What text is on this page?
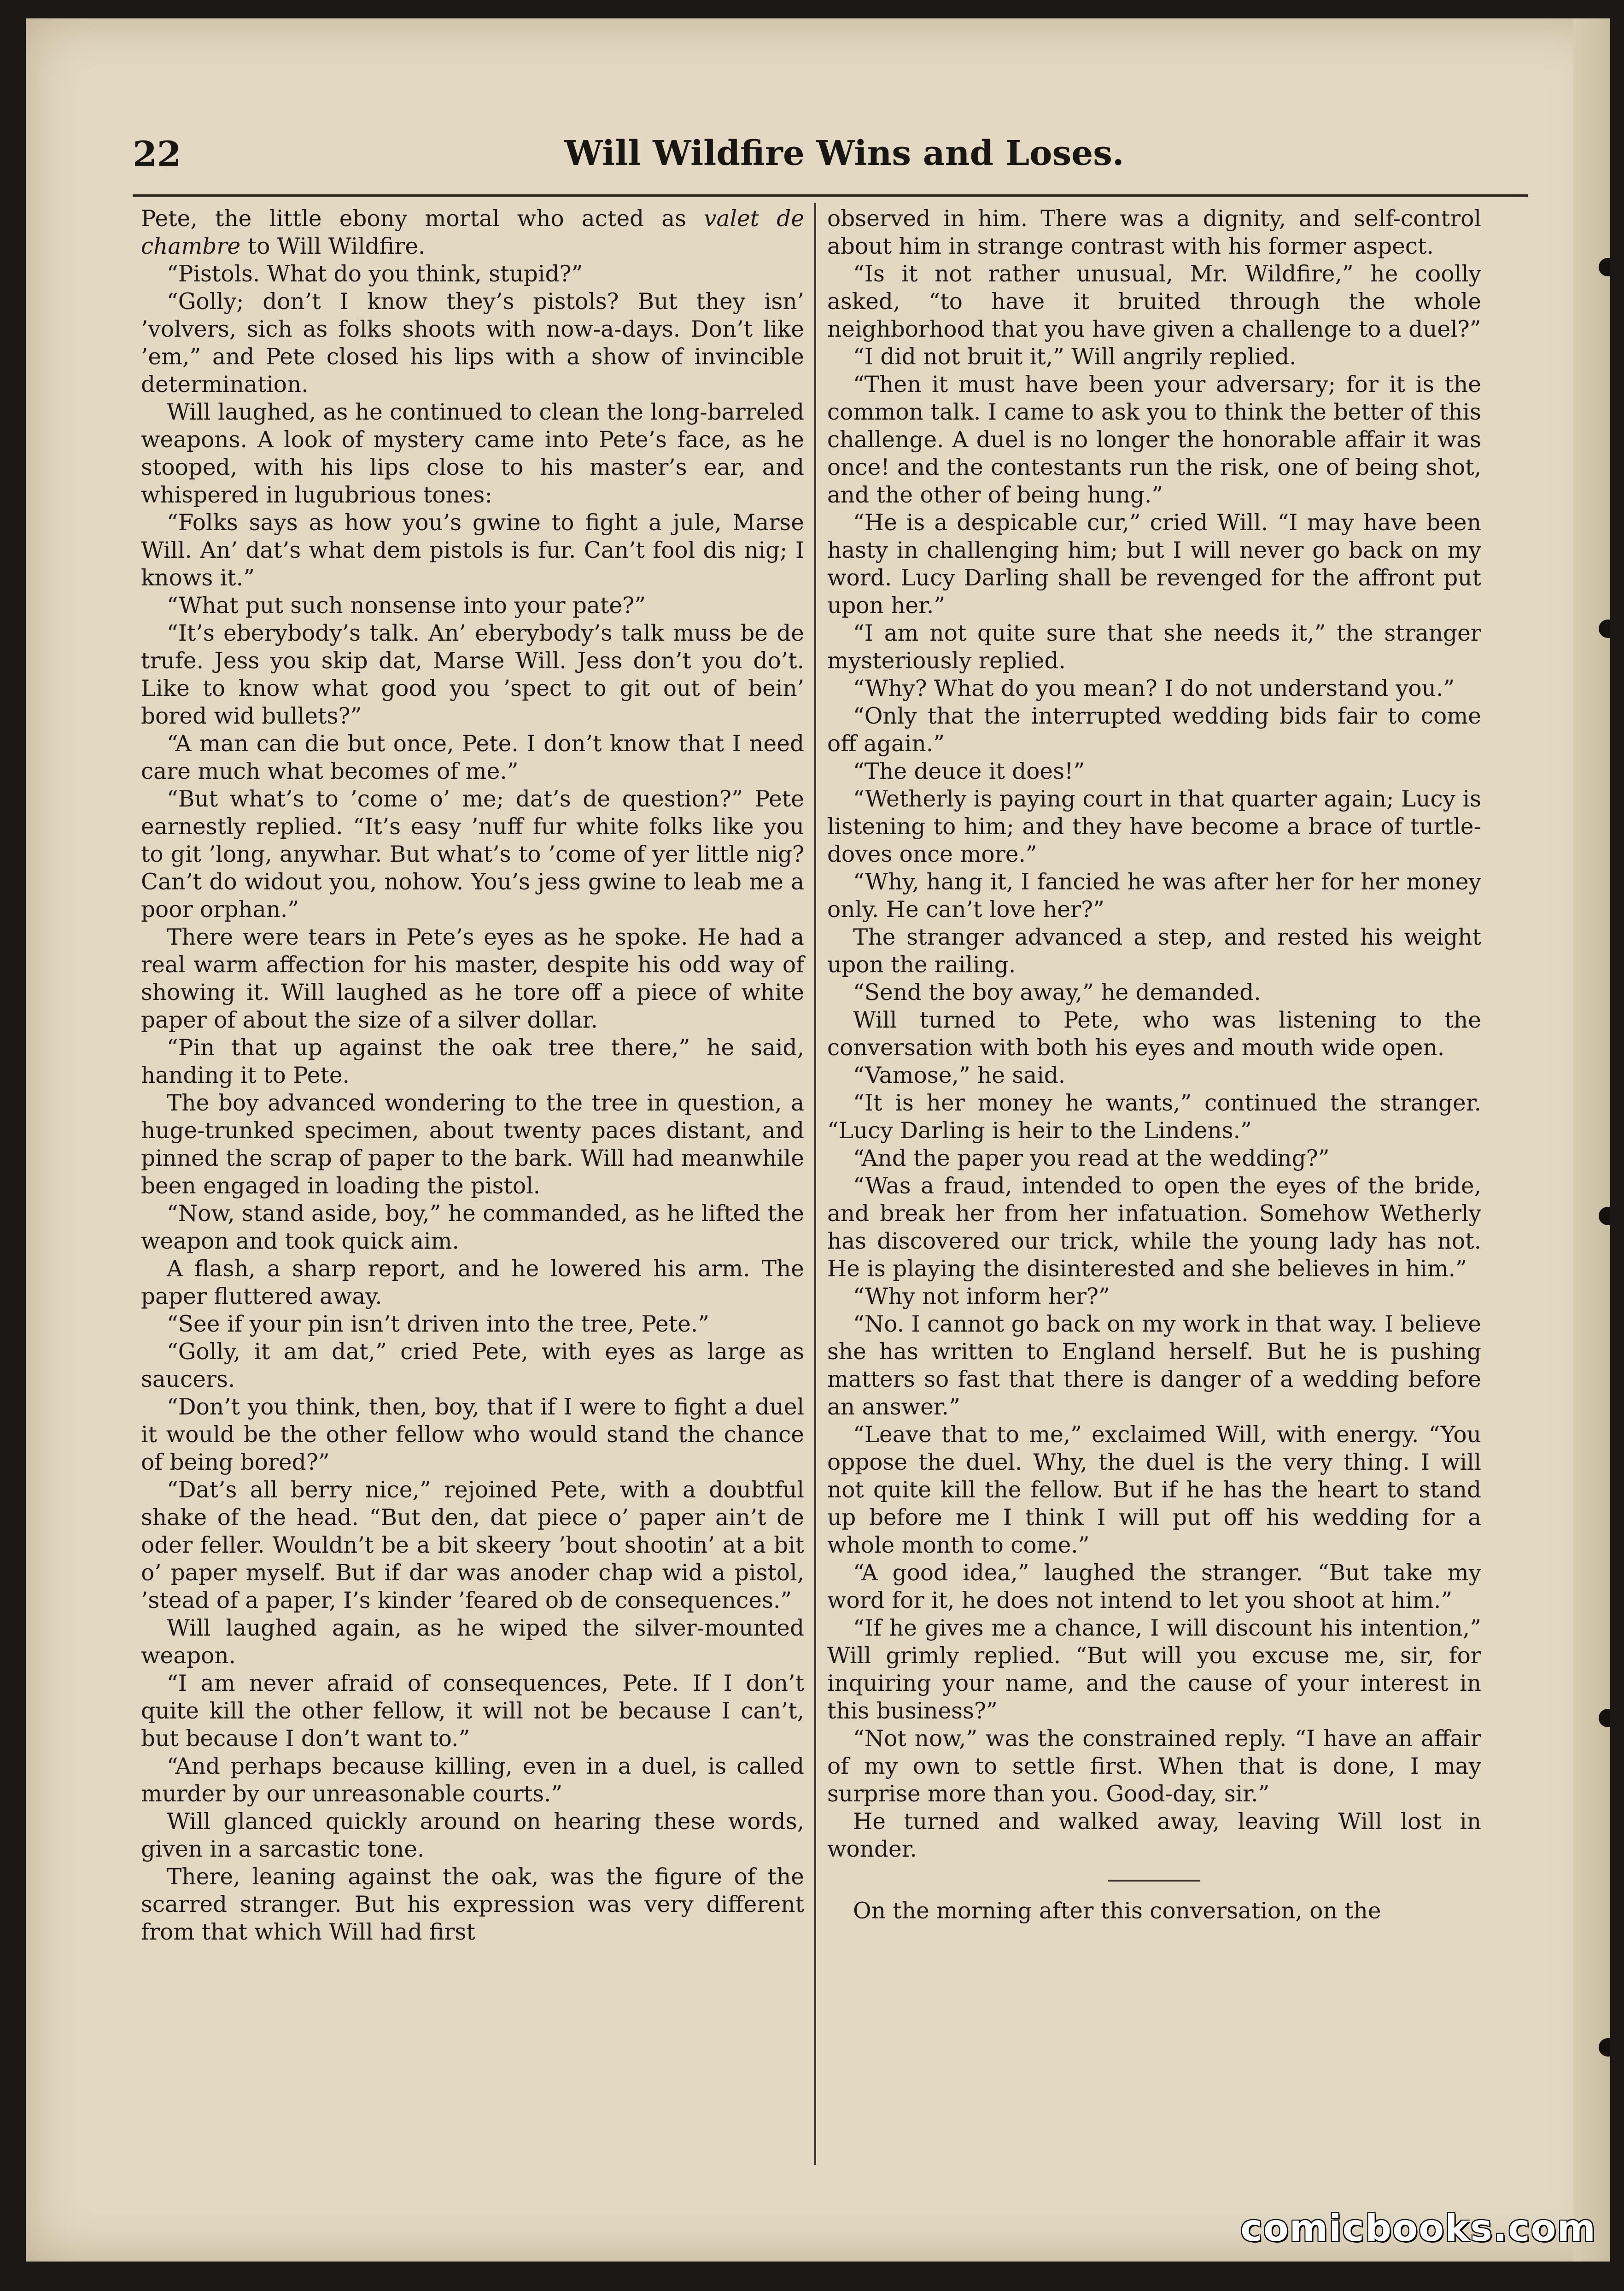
22	Will Wildfire Wins and Loses.

Pete, the little ebony mortal who acted as valet de chambre to Will Wildfire.

“Pistols. What do you think, stupid?”

“Golly; don’t I know they’s pistols? But they isn’ ’volvers, sich as folks shoots with now-a-days. Don’t like ’em,” and Pete closed his lips with a show of invincible determination.

Will laughed, as he continued to clean the long-barreled weapons. A look of mystery came into Pete’s face, as he stooped, with his lips close to his master’s ear, and whispered in lugubrious tones:

“Folks says as how you’s gwine to fight a jule, Marse Will. An’ dat’s what dem pistols is fur. Can’t fool dis nig; I knows it.”

“What put such nonsense into your pate?”

“It’s eberybody’s talk. An’ eberybody’s talk muss be de trufe. Jess you skip dat, Marse Will. Jess don’t you do’t. Like to know what good you ’spect to git out of bein’ bored wid bullets?”

“A man can die but once, Pete. I don’t know that I need care much what becomes of me.”

“But what’s to ’come o’ me; dat’s de question?” Pete earnestly replied. “It’s easy ’nuff fur white folks like you to git ’long, anywhar. But what’s to ’come of yer little nig? Can’t do widout you, nohow. You’s jess gwine to leab me a poor orphan.”

There were tears in Pete’s eyes as he spoke. He had a real warm affection for his master, despite his odd way of showing it. Will laughed as he tore off a piece of white paper of about the size of a silver dollar.

“Pin that up against the oak tree there,” he said, handing it to Pete.

The boy advanced wondering to the tree in question, a huge-trunked specimen, about twenty paces distant, and pinned the scrap of paper to the bark. Will had meanwhile been engaged in loading the pistol.

“Now, stand aside, boy,” he commanded, as he lifted the weapon and took quick aim.

A flash, a sharp report, and he lowered his arm. The paper fluttered away.

“See if your pin isn’t driven into the tree, Pete.”

“Golly, it am dat,” cried Pete, with eyes as large as saucers.

“Don’t you think, then, boy, that if I were to fight a duel it would be the other fellow who would stand the chance of being bored?”

“Dat’s all berry nice,” rejoined Pete, with a doubtful shake of the head. “But den, dat piece o’ paper ain’t de oder feller. Wouldn’t be a bit skeery ’bout shootin’ at a bit o’ paper myself. But if dar was anoder chap wid a pistol, ’stead of a paper, I’s kinder ’feared ob de consequences.”

Will laughed again, as he wiped the silver-mounted weapon.

“I am never afraid of consequences, Pete. If I don’t quite kill the other fellow, it will not be because I can’t, but because I don’t want to.”

“And perhaps because killing, even in a duel, is called murder by our unreasonable courts.”

Will glanced quickly around on hearing these words, given in a sarcastic tone.

There, leaning against the oak, was the figure of the scarred stranger. But his expression was very different from that which Will had first

observed in him. There was a dignity, and self-control about him in strange contrast with his former aspect.

“Is it not rather unusual, Mr. Wildfire,” he coolly asked, “to have it bruited through the whole neighborhood that you have given a challenge to a duel?”

“I did not bruit it,” Will angrily replied.

“Then it must have been your adversary; for it is the common talk. I came to ask you to think the better of this challenge. A duel is no longer the honorable affair it was once! and the contestants run the risk, one of being shot, and the other of being hung.”

“He is a despicable cur,” cried Will. “I may have been hasty in challenging him; but I will never go back on my word. Lucy Darling shall be revenged for the affront put upon her.”

“I am not quite sure that she needs it,” the stranger mysteriously replied.

“Why? What do you mean? I do not understand you.”

“Only that the interrupted wedding bids fair to come off again.”

“The deuce it does!”

“Wetherly is paying court in that quarter again; Lucy is listening to him; and they have become a brace of turtle-doves once more.”

“Why, hang it, I fancied he was after her for her money only. He can’t love her?”

The stranger advanced a step, and rested his weight upon the railing.

“Send the boy away,” he demanded.

Will turned to Pete, who was listening to the conversation with both his eyes and mouth wide open.

“Vamose,” he said.

“It is her money he wants,” continued the stranger. “Lucy Darling is heir to the Lindens.”

“And the paper you read at the wedding?”

“Was a fraud, intended to open the eyes of the bride, and break her from her infatuation. Somehow Wetherly has discovered our trick, while the young lady has not. He is playing the disinterested and she believes in him.”

“Why not inform her?”

“No. I cannot go back on my work in that way. I believe she has written to England herself. But he is pushing matters so fast that there is danger of a wedding before an answer.”

“Leave that to me,” exclaimed Will, with energy. “You oppose the duel. Why, the duel is the very thing. I will not quite kill the fellow. But if he has the heart to stand up before me I think I will put off his wedding for a whole month to come.”

“A good idea,” laughed the stranger. “But take my word for it, he does not intend to let you shoot at him.”

“If he gives me a chance, I will discount his intention,” Will grimly replied. “But will you excuse me, sir, for inquiring your name, and the cause of your interest in this business?”

“Not now,” was the constrained reply. “I have an affair of my own to settle first. When that is done, I may surprise more than you. Good-day, sir.”

He turned and walked away, leaving Will lost in wonder.

On the morning after this conversation, on the

comicbooks.com
